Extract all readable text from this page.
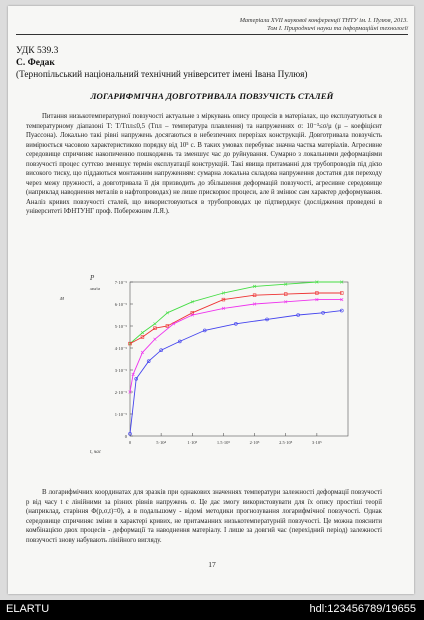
Матеріали XVII наукової конференції ТНТУ ім. І. Пулюя, 2013.
Том І. Природничі науки та інформаційні технології
УДК 539.3
С. Федак
(Тернопільський національний технічний університет імені Івана Пулюя)
ЛОГАРИФМІЧНА ДОВГОТРИВАЛА ПОВЗУЧІСТЬ СТАЛЕЙ

Питання низькотемпературної повзучості актуальне з міркувань опису процесів в матеріалах, що експлуатуються в температурному діапазоні T: T/Tпл≤0,5 (Tпл – температура плавлення) та напруженнях σ: 10⁻³≤σ/μ (μ – коефіцієнт Пуассона). Локально такі рівні напружень досягаються в небезпечних перерізах конструкцій. Довготривала повзучість вимірюється часовою характеристикою порядку від 10⁵ с. В таких умовах перебуває значна частка матеріалів. Агресивне середовище спричиняє накопиченню пошкоджень та зменшує час до руйнування. Сумарно з локальними деформаціями повзучості процес суттєво зменшує термін експлуатації конструкцій. Такі явища притаманні для трубопроводів під дією високого тиску, що піддаються монтажним напруженням: сумарна локальна складова напруження достатня для переходу через межу пружності, а довготривала її дія призводить до збільшення деформацій повзучості, агресивне середовище (наприклад наводнення металів в нафтопроводах) не лише прискорює процеси, але й змінює сам характер деформування. Аналіз кривих повзучості сталей, що використовуються в трубопроводах це підтверджує (дослідження проведені в університеті ІФНТУНГ проф. Побережним Л.Я.).

0
1·10⁻⁵
2·10⁻⁵
3·10⁻⁵
4·10⁻⁵
5·10⁻⁵
6·10⁻⁵
7·10⁻⁵
0	5·10⁴	1·10⁵	1.5·10⁵	2·10⁵	2.5·10⁵	3·10⁵
P
мм/м
м
t, час

В логарифмічних координатах для зразків при однакових значеннях температури залежності деформації повзучості p від часу t є лінійними за різних рівнів напружень σ. Це дає змогу використовувати для їх опису простіші теорії (наприклад, старіння Φ(p,σ,t)=0), а в подальшому - відомі методики прогнозування логарифмічної повзучості. Однак середовище спричиняє зміни в характері кривих, не притаманних низькотемпературній повзучості. Це можна пояснити комбінацією двох процесів - деформації та наводнення матеріалу. І лише за довгий час (перехідний період) залежності повзучості знову набувають лінійного вигляду.

17
ELARTU	hdl:123456789/19655
